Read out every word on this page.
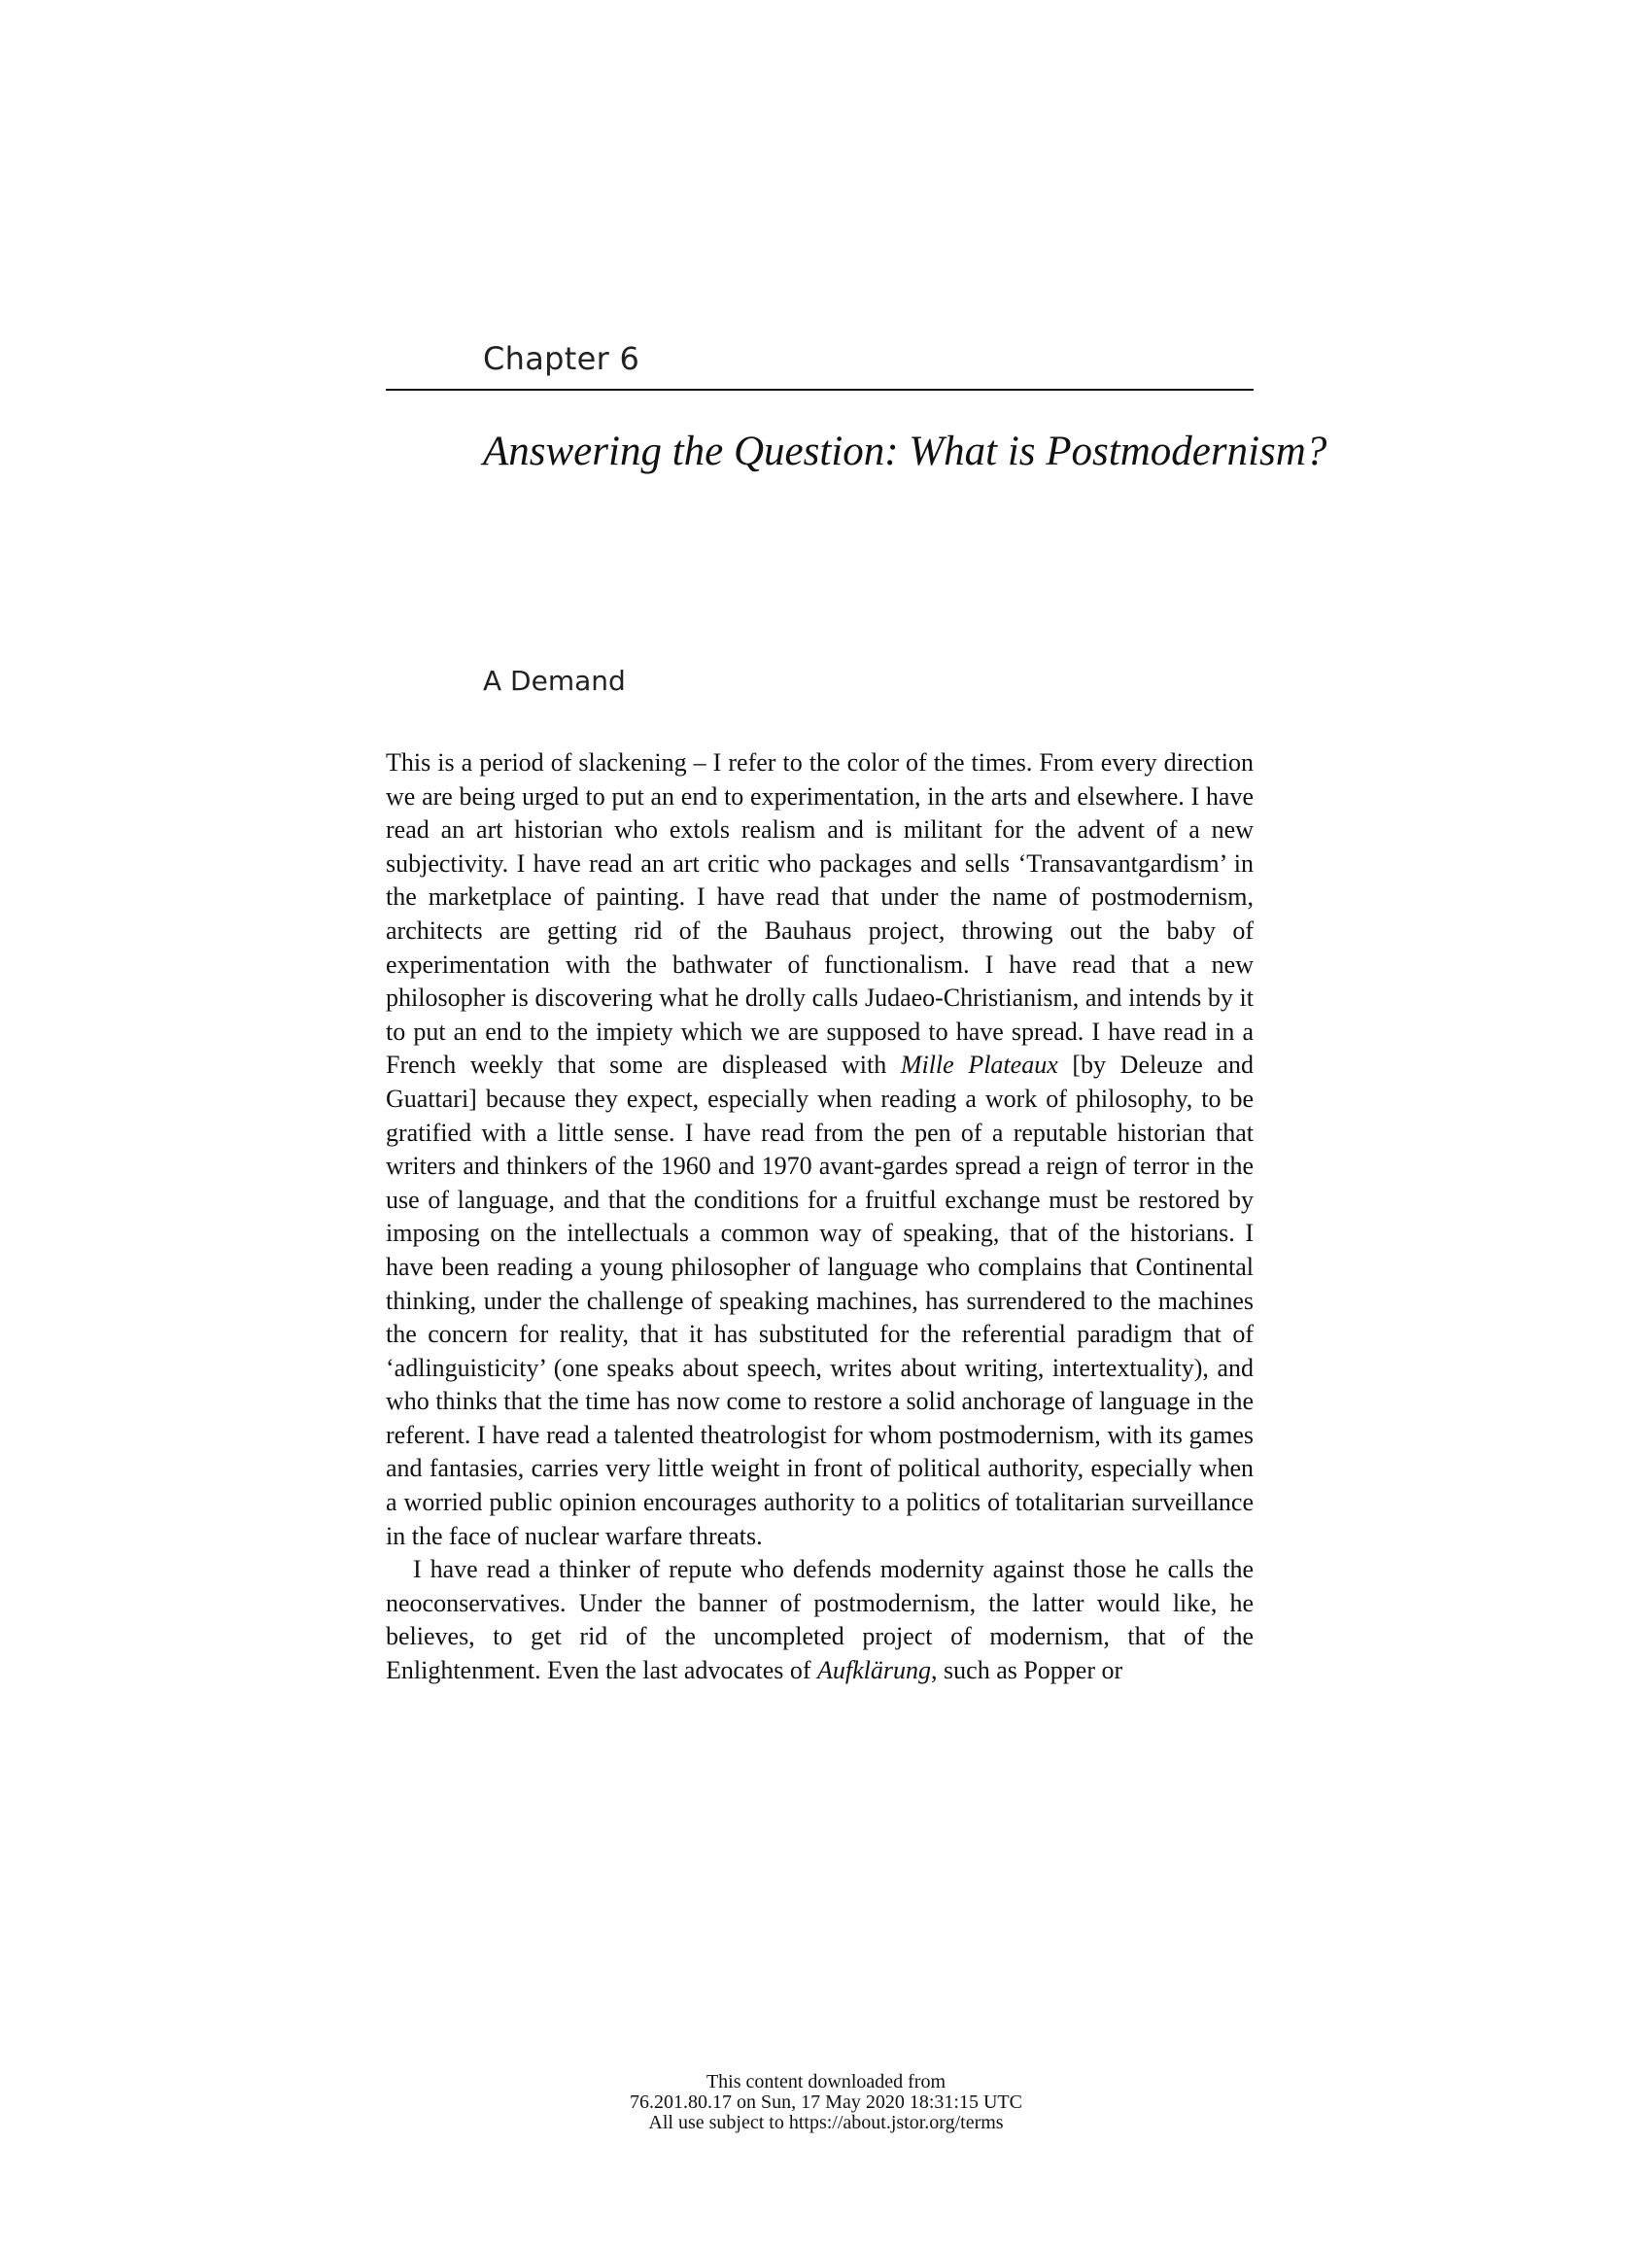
Chapter 6
Answering the Question: What is Postmodernism?
A Demand

This is a period of slackening – I refer to the color of the times. From every direction we are being urged to put an end to experimentation, in the arts and elsewhere. I have read an art historian who extols realism and is militant for the advent of a new subjectivity. I have read an art critic who packages and sells ‘Transavantgardism’ in the marketplace of painting. I have read that under the name of postmodernism, architects are getting rid of the Bauhaus project, throwing out the baby of experimentation with the bathwater of functionalism. I have read that a new philosopher is discovering what he drolly calls Judaeo-Christianism, and intends by it to put an end to the impiety which we are supposed to have spread. I have read in a French weekly that some are displeased with Mille Plateaux [by Deleuze and Guattari] because they expect, especially when reading a work of philosophy, to be gratified with a little sense. I have read from the pen of a reputable historian that writers and thinkers of the 1960 and 1970 avant-gardes spread a reign of terror in the use of language, and that the conditions for a fruitful exchange must be restored by imposing on the intellectuals a common way of speaking, that of the historians. I have been reading a young philosopher of language who complains that Continental thinking, under the challenge of speaking machines, has surrendered to the machines the concern for reality, that it has substituted for the referential paradigm that of ‘adlinguisticity’ (one speaks about speech, writes about writing, intertextuality), and who thinks that the time has now come to restore a solid anchorage of language in the referent. I have read a talented theatrologist for whom postmodernism, with its games and fantasies, carries very little weight in front of political authority, especially when a worried public opinion encourages authority to a politics of totalitarian surveillance in the face of nuclear warfare threats.

I have read a thinker of repute who defends modernity against those he calls the neoconservatives. Under the banner of postmodernism, the latter would like, he believes, to get rid of the uncompleted project of modernism, that of the Enlightenment. Even the last advocates of Aufklärung, such as Popper or

This content downloaded from
76.201.80.17 on Sun, 17 May 2020 18:31:15 UTC
All use subject to https://about.jstor.org/terms
